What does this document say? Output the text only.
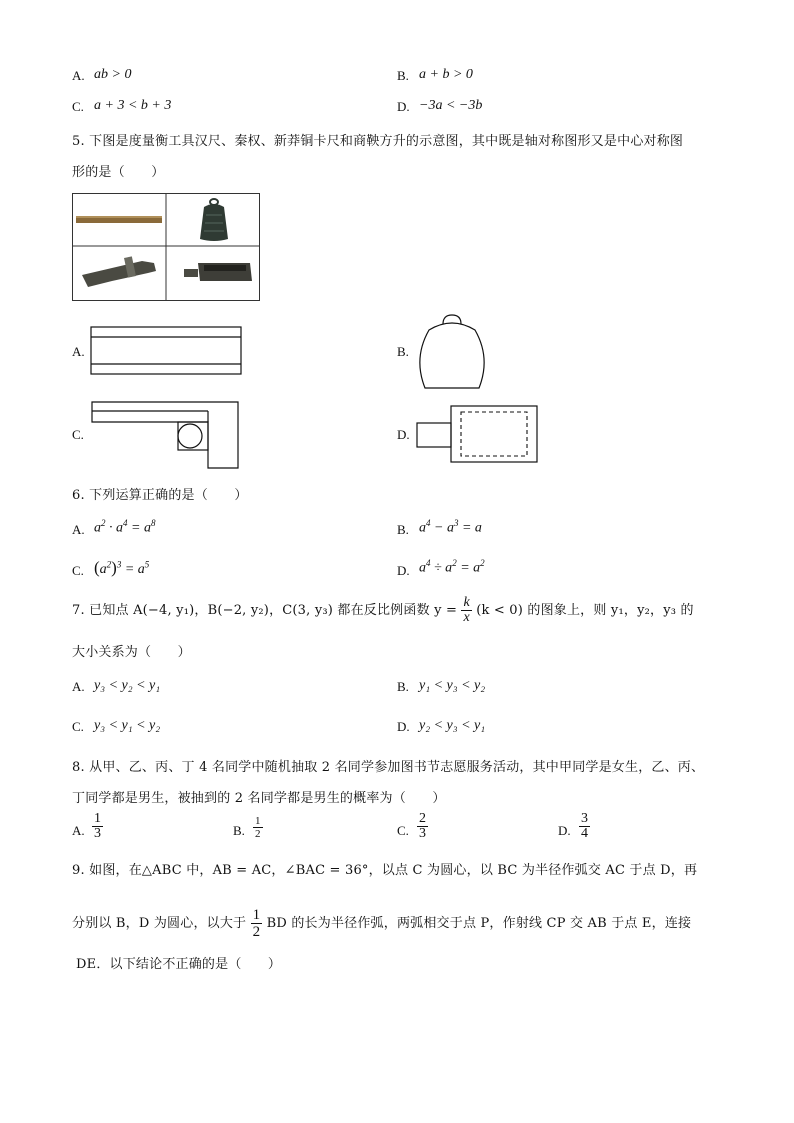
A. ab > 0	B. a + b > 0
C. a + 3 < b + 3	D. −3a < −3b
5. 下图是度量衡工具汉尺、秦权、新莽铜卡尺和商鞅方升的示意图，其中既是轴对称图形又是中心对称图
形的是（　　）
A.	B.
C.	D.
6. 下列运算正确的是（　　）
A. $a^2 \cdot a^4 = a^8$	B. $a^4 - a^3 = a$
C. $(a^2)^3 = a^5$	D. $a^4 \div a^2 = a^2$
7. 已知点 A(−4, y₁)，B(−2, y₂)，C(3, y₃) 都在反比例函数 $y = \frac{k}{x} (k < 0)$ 的图象上，则 y₁，y₂，y₃ 的
大小关系为（　　）
A. y₃ < y₂ < y₁	B. y₁ < y₃ < y₂
C. y₃ < y₁ < y₂	D. y₂ < y₃ < y₁
8. 从甲、乙、丙、丁 4 名同学中随机抽取 2 名同学参加图书节志愿服务活动，其中甲同学是女生，乙、丙、
丁同学都是男生，被抽到的 2 名同学都是男生的概率为（　　）
A. $\frac{1}{3}$	B. $\frac{1}{2}$	C. $\frac{2}{3}$	D. $\frac{3}{4}$
9. 如图，在△ABC 中，AB = AC，∠BAC = 36°，以点 C 为圆心，以 BC 为半径作弧交 AC 于点 D，再
分别以 B，D 为圆心，以大于 $\frac{1}{2}$ BD 的长为半径作弧，两弧相交于点 P，作射线 CP 交 AB 于点 E，连接
DE．以下结论不正确的是（　　）
